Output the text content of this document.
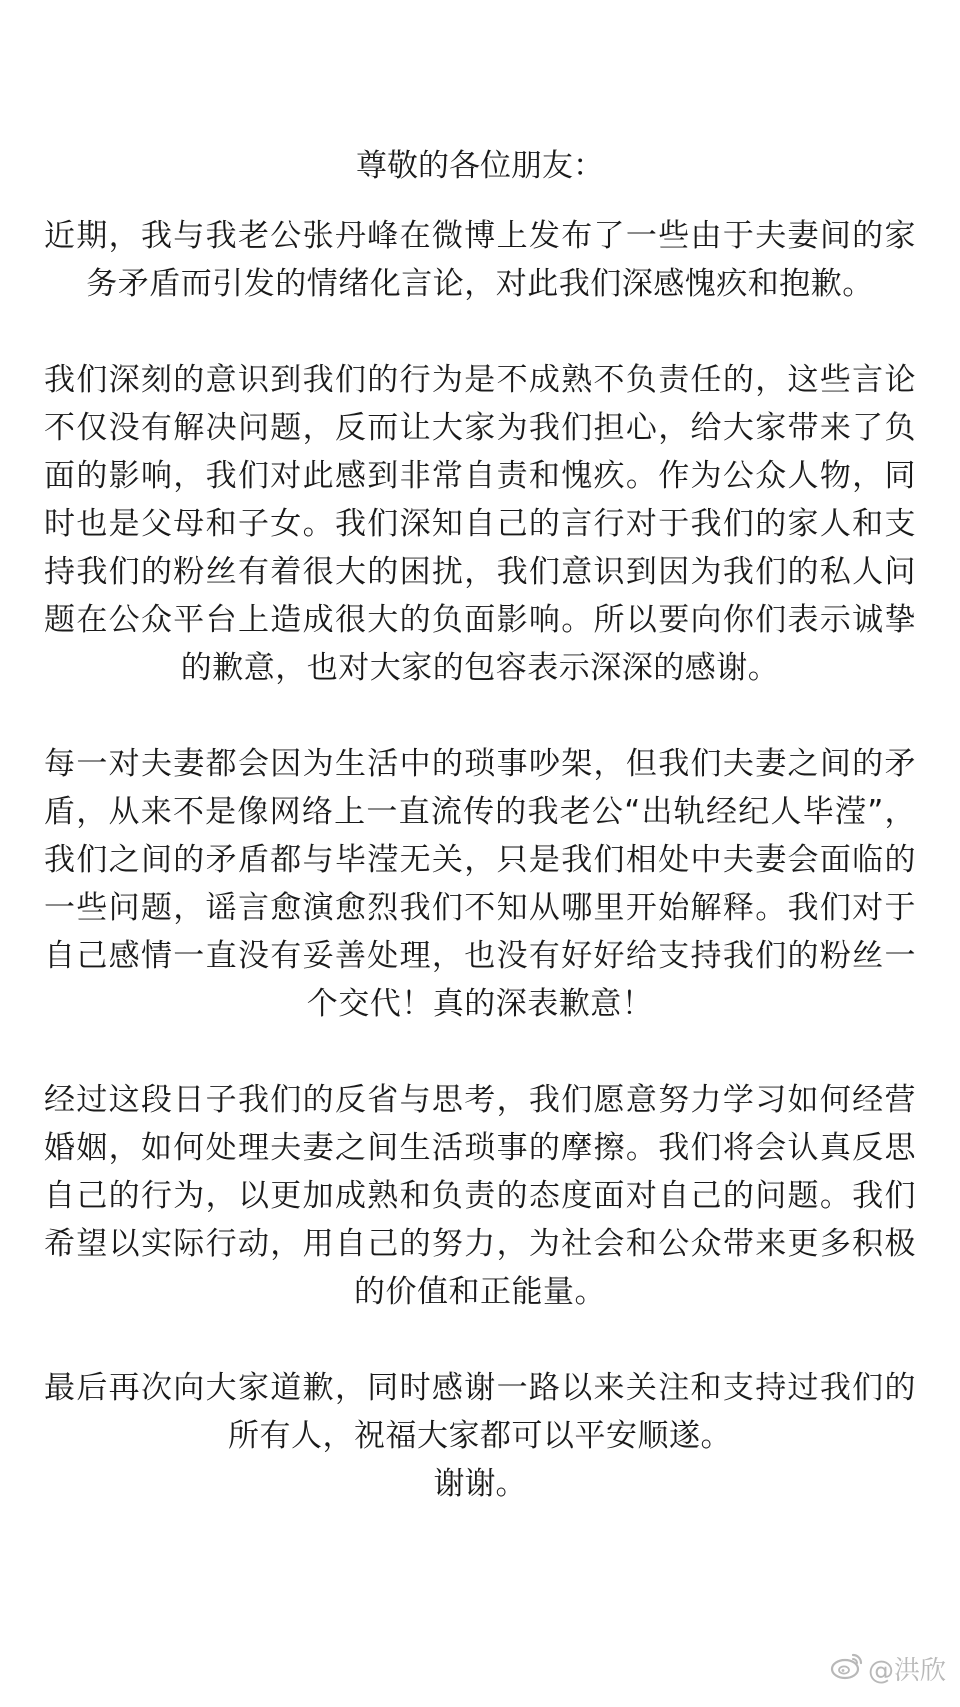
尊敬的各位朋友：

近期，我与我老公张丹峰在微博上发布了一些由于夫妻间的家务矛盾而引发的情绪化言论，对此我们深感愧疚和抱歉。

我们深刻的意识到我们的行为是不成熟不负责任的，这些言论不仅没有解决问题，反而让大家为我们担心，给大家带来了负面的影响，我们对此感到非常自责和愧疚。作为公众人物，同时也是父母和子女。我们深知自己的言行对于我们的家人和支持我们的粉丝有着很大的困扰，我们意识到因为我们的私人问题在公众平台上造成很大的负面影响。所以要向你们表示诚挚的歉意，也对大家的包容表示深深的感谢。

每一对夫妻都会因为生活中的琐事吵架，但我们夫妻之间的矛盾，从来不是像网络上一直流传的我老公“出轨经纪人毕滢”，我们之间的矛盾都与毕滢无关，只是我们相处中夫妻会面临的一些问题，谣言愈演愈烈我们不知从哪里开始解释。我们对于自己感情一直没有妥善处理，也没有好好给支持我们的粉丝一个交代！真的深表歉意！

经过这段日子我们的反省与思考，我们愿意努力学习如何经营婚姻，如何处理夫妻之间生活琐事的摩擦。我们将会认真反思自己的行为，以更加成熟和负责的态度面对自己的问题。我们希望以实际行动，用自己的努力，为社会和公众带来更多积极的价值和正能量。

最后再次向大家道歉，同时感谢一路以来关注和支持过我们的所有人，祝福大家都可以平安顺遂。

谢谢。
@洪欣
